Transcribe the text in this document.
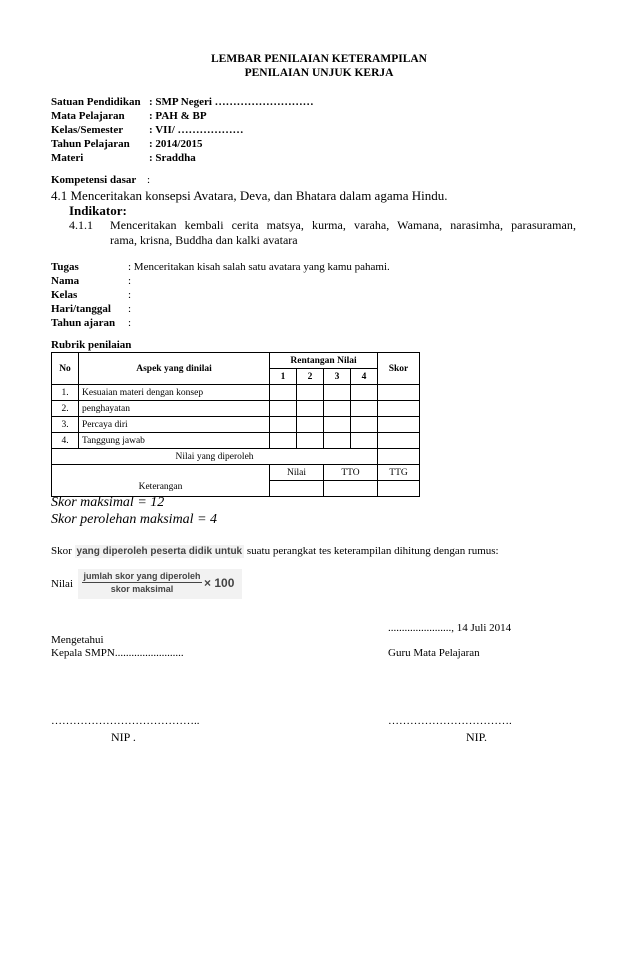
LEMBAR PENILAIAN KETERAMPILAN
PENILAIAN UNJUK KERJA
Satuan Pendidikan : SMP Negeri ………………………
Mata Pelajaran : PAH & BP
Kelas/Semester : VII/ ………………
Tahun Pelajaran : 2014/2015
Materi	: Sraddha
Kompetensi dasar :
4.1 Menceritakan konsepsi Avatara, Deva, dan Bhatara dalam agama Hindu.
Indikator:
4.1.1 Menceritakan kembali cerita matsya, kurma, varaha, Wamana, narasimha, parasuraman,
rama, krisna, Buddha dan kalki avatara
Tugas	: Menceritakan kisah salah satu avatara yang kamu pahami.
Nama	:
Kelas	:
Hari/tanggal :
Tahun ajaran :
Rubrik penilaian
No	Aspek yang dinilai	Rentangan Nilai				Skor
		1	2	3	4	
1.	Kesuaian materi dengan konsep					
2.	penghayatan					
3.	Percaya diri					
4.	Tanggung jawab					
Nilai yang diperoleh						
Keterangan		Nilai		TTO		TTG

Skor maksimal = 12
Skor perolehan maksimal = 4
Skor yang diperoleh peserta didik untuk suatu perangkat tes keterampilan dihitung dengan rumus:
Nilai
jumlah skor yang diperoleh
skor maksimal	× 100
......................., 14 Juli 2014
Mengetahui
Kepala SMPN.........................	Guru Mata Pelajaran
…………………………………..	…………………………….
NIP .	NIP.
